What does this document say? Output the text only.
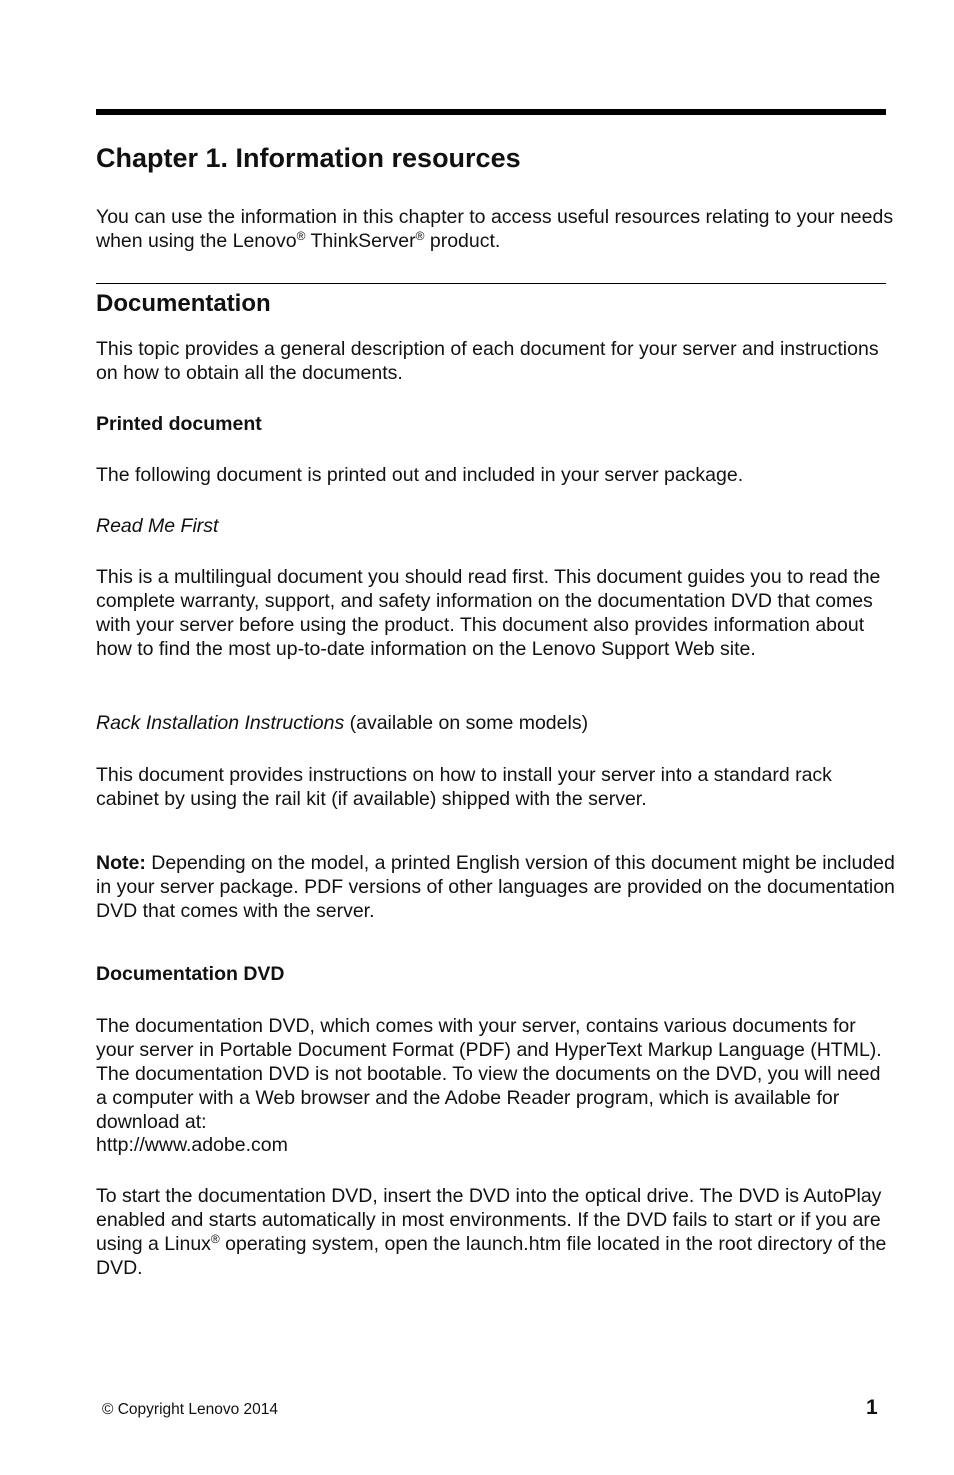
Chapter 1. Information resources

You can use the information in this chapter to access useful resources relating to your needs when using the Lenovo® ThinkServer® product.

Documentation

This topic provides a general description of each document for your server and instructions on how to obtain all the documents.

Printed document

The following document is printed out and included in your server package.

Read Me First

This is a multilingual document you should read first. This document guides you to read the complete warranty, support, and safety information on the documentation DVD that comes with your server before using the product. This document also provides information about how to find the most up-to-date information on the Lenovo Support Web site.

Rack Installation Instructions (available on some models)

This document provides instructions on how to install your server into a standard rack cabinet by using the rail kit (if available) shipped with the server.

Note: Depending on the model, a printed English version of this document might be included in your server package. PDF versions of other languages are provided on the documentation DVD that comes with the server.

Documentation DVD

The documentation DVD, which comes with your server, contains various documents for your server in Portable Document Format (PDF) and HyperText Markup Language (HTML). The documentation DVD is not bootable. To view the documents on the DVD, you will need a computer with a Web browser and the Adobe Reader program, which is available for download at:

http://www.adobe.com

To start the documentation DVD, insert the DVD into the optical drive. The DVD is AutoPlay enabled and starts automatically in most environments. If the DVD fails to start or if you are using a Linux® operating system, open the launch.htm file located in the root directory of the DVD.

© Copyright Lenovo 2014	1
